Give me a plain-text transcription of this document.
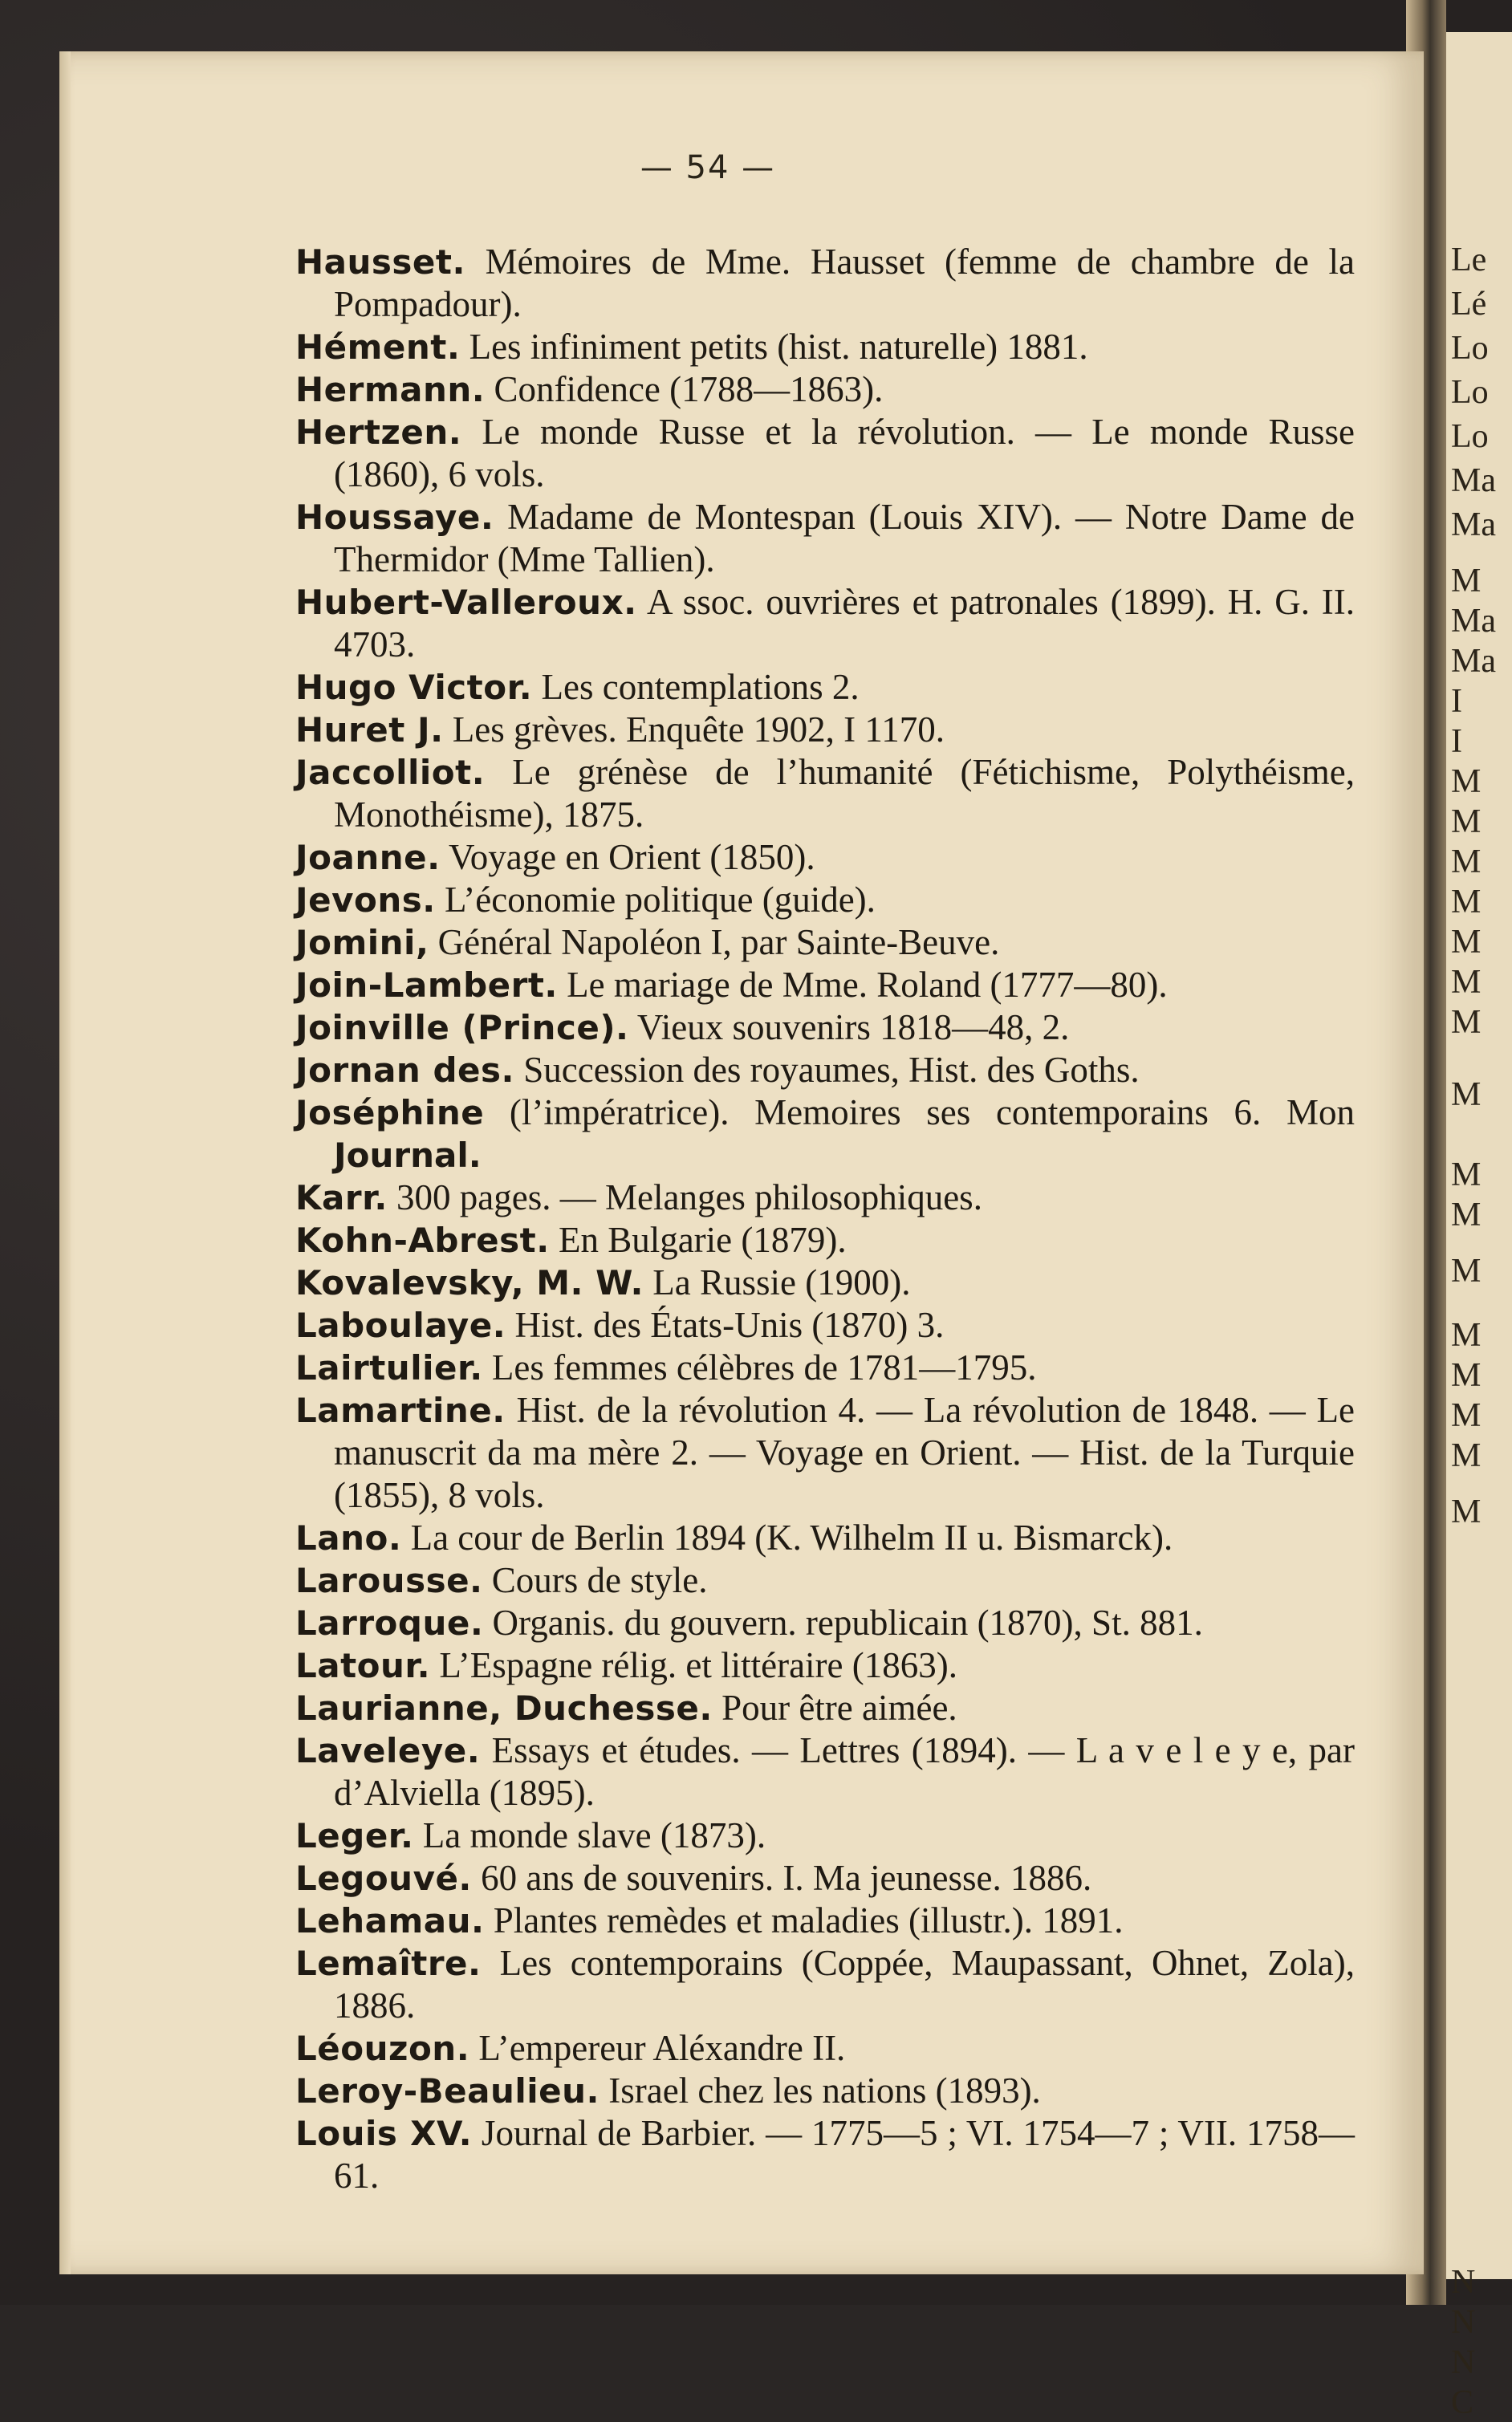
Le
Lé
Lo
Lo
Lo
Ma
Ma
M
Ma
Ma
I
I
M
M
M
M
M
M
M
M
M
M
M
M
M
M
M
M
N
N
N
C
— 54 —

Hausset. Mémoires de Mme. Hausset (femme de chambre de la Pompadour).

Hément. Les infiniment petits (hist. naturelle) 1881.

Hermann. Confidence (1788—1863).

Hertzen. Le monde Russe et la révolution. — Le monde Russe (1860), 6 vols.

Houssaye. Madame de Montespan (Louis XIV). — Notre Dame de Thermidor (Mme Tallien).

Hubert-Valleroux. A ssoc. ouvrières et patronales (1899). H. G. II. 4703.

Hugo Victor. Les contemplations 2.

Huret J. Les grèves. Enquête 1902, I 1170.

Jaccolliot. Le grénèse de l’humanité (Fétichisme, Polythéisme, Monothéisme), 1875.

Joanne. Voyage en Orient (1850).

Jevons. L’économie politique (guide).

Jomini, Général Napoléon I, par Sainte-Beuve.

Join-Lambert. Le mariage de Mme. Roland (1777—80).

Joinville (Prince). Vieux souvenirs 1818—48, 2.

Jornan des. Succession des royaumes, Hist. des Goths.

Joséphine (l’impératrice). Memoires ses contemporains 6. Mon Journal.

Karr. 300 pages. — Melanges philosophiques.

Kohn-Abrest. En Bulgarie (1879).

Kovalevsky, M. W. La Russie (1900).

Laboulaye. Hist. des États-Unis (1870) 3.

Lairtulier. Les femmes célèbres de 1781—1795.

Lamartine. Hist. de la révolution 4. — La révolution de 1848. — Le manuscrit da ma mère 2. — Voyage en Orient. — Hist. de la Turquie (1855), 8 vols.

Lano. La cour de Berlin 1894 (K. Wilhelm II u. Bismarck).

Larousse. Cours de style.

Larroque. Organis. du gouvern. republicain (1870), St. 881.

Latour. L’Espagne rélig. et littéraire (1863).

Laurianne, Duchesse. Pour être aimée.

Laveleye. Essays et études. — Lettres (1894). — L a v e l e y e, par d’Alviella (1895).

Leger. La monde slave (1873).

Legouvé. 60 ans de souvenirs. I. Ma jeunesse. 1886.

Lehamau. Plantes remèdes et maladies (illustr.). 1891.

Lemaître. Les contemporains (Coppée, Maupassant, Ohnet, Zola), 1886.

Léouzon. L’empereur Aléxandre II.

Leroy-Beaulieu. Israel chez les nations (1893).

Louis XV. Journal de Barbier. — 1775—5 ; VI. 1754—7 ; VII. 1758—61.
